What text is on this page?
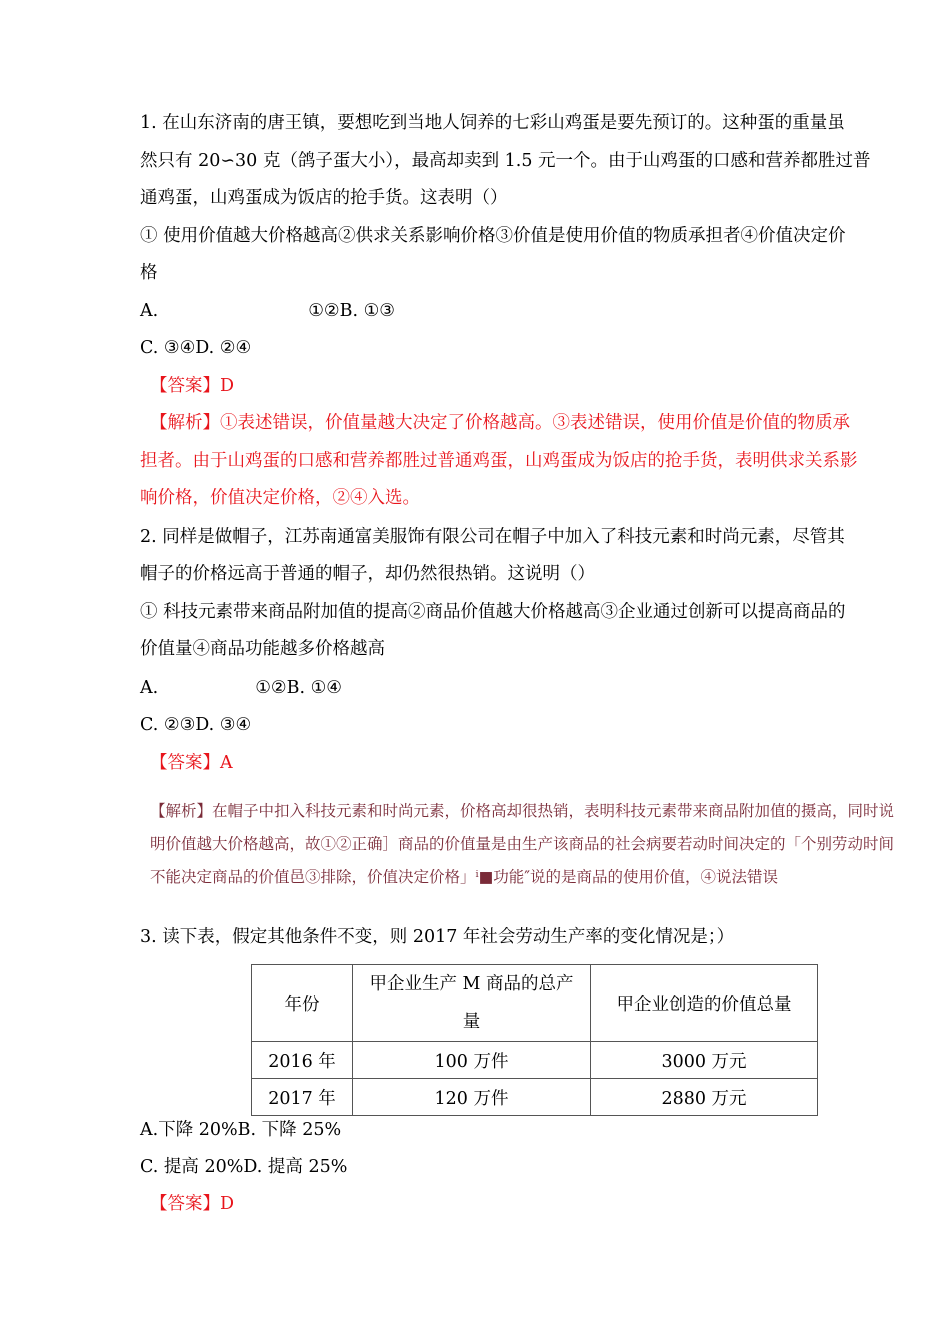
1. 在山东济南的唐王镇，要想吃到当地人饲养的七彩山鸡蛋是要先预订的。这种蛋的重量虽
然只有 20∽30 克（鸽子蛋大小），最高却卖到 1.5 元一个。由于山鸡蛋的口感和营养都胜过普
通鸡蛋，山鸡蛋成为饭店的抢手货。这表明（）
① 使用价值越大价格越高②供求关系影响价格③价值是使用价值的物质承担者④价值决定价
格
A.	①②B. ①③
C. ③④D. ②④
【答案】D
【解析】①表述错误，价值量越大决定了价格越高。③表述错误，使用价值是价值的物质承
担者。由于山鸡蛋的口感和营养都胜过普通鸡蛋，山鸡蛋成为饭店的抢手货，表明供求关系影
响价格，价值决定价格，②④入选。
2. 同样是做帽子，江苏南通富美服饰有限公司在帽子中加入了科技元素和时尚元素，尽管其
帽子的价格远高于普通的帽子，却仍然很热销。这说明（）
① 科技元素带来商品附加值的提高②商品价值越大价格越高③企业通过创新可以提高商品的
价值量④商品功能越多价格越高
A.	①②B. ①④
C. ②③D. ③④
【答案】A
【解析】在帽子中扣入科技元素和时尚元素，价格高却很热销，表明科技元素带来商品附加值的摄高，同时说
明价值越大价格越高，故①②正确］商品的价值量是由生产该商品的社会病要若动时间决定的「个别劳动时间
不能决定商品的价值邑③排除，价值决定价格」ⁱ■功能″说的是商品的使用价值，④说法错误
3. 读下表，假定其他条件不变，则 2017 年社会劳动生产率的变化情况是；）
年份	甲企业生产 M 商品的总产
量	甲企业创造的价值总量
2016 年	100 万件	3000 万元
2017 年	120 万件	2880 万元
A.下降 20%B. 下降 25%
C. 提高 20%D. 提高 25%
【答案】D
